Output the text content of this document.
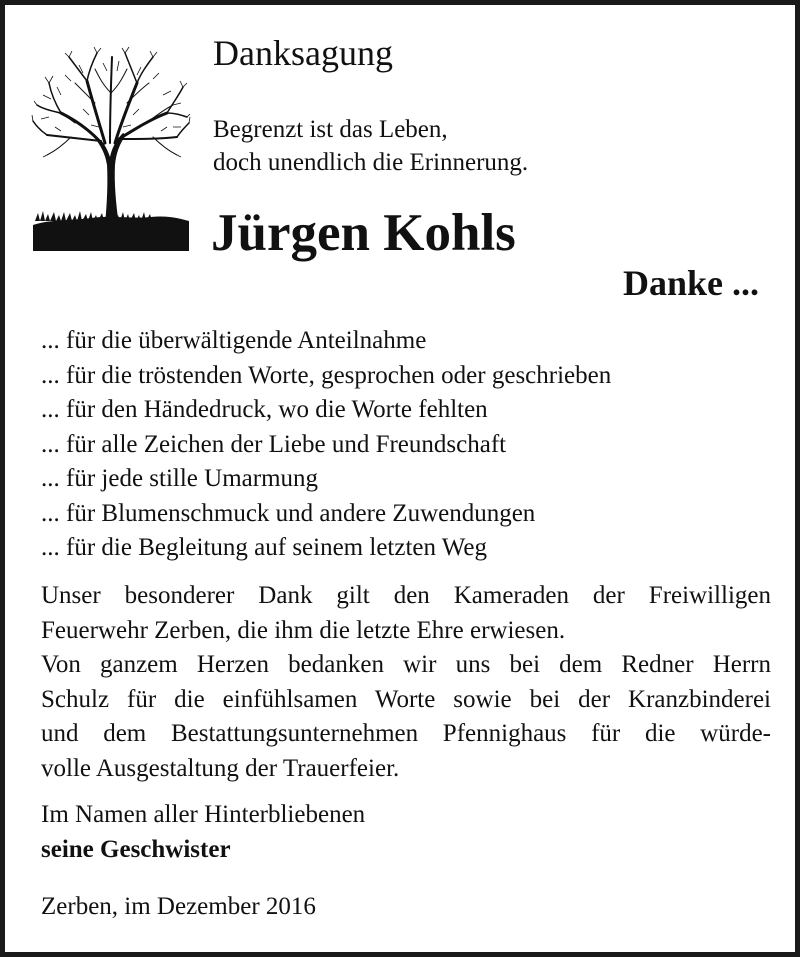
Danksagung
Begrenzt ist das Leben,
doch unendlich die Erinnerung.
Jürgen Kohls
Danke ...
... für die überwältigende Anteilnahme
... für die tröstenden Worte, gesprochen oder geschrieben
... für den Händedruck, wo die Worte fehlten
... für alle Zeichen der Liebe und Freundschaft
... für jede stille Umarmung
... für Blumenschmuck und andere Zuwendungen
... für die Begleitung auf seinem letzten Weg
Unser besonderer Dank gilt den Kameraden der Freiwilligen
Feuerwehr Zerben, die ihm die letzte Ehre erwiesen.
Von ganzem Herzen bedanken wir uns bei dem Redner Herrn
Schulz für die einfühlsamen Worte sowie bei der Kranzbinderei
und dem Bestattungsunternehmen Pfennighaus für die würde-
volle Ausgestaltung der Trauerfeier.
Im Namen aller Hinterbliebenen
seine Geschwister
Zerben, im Dezember 2016
